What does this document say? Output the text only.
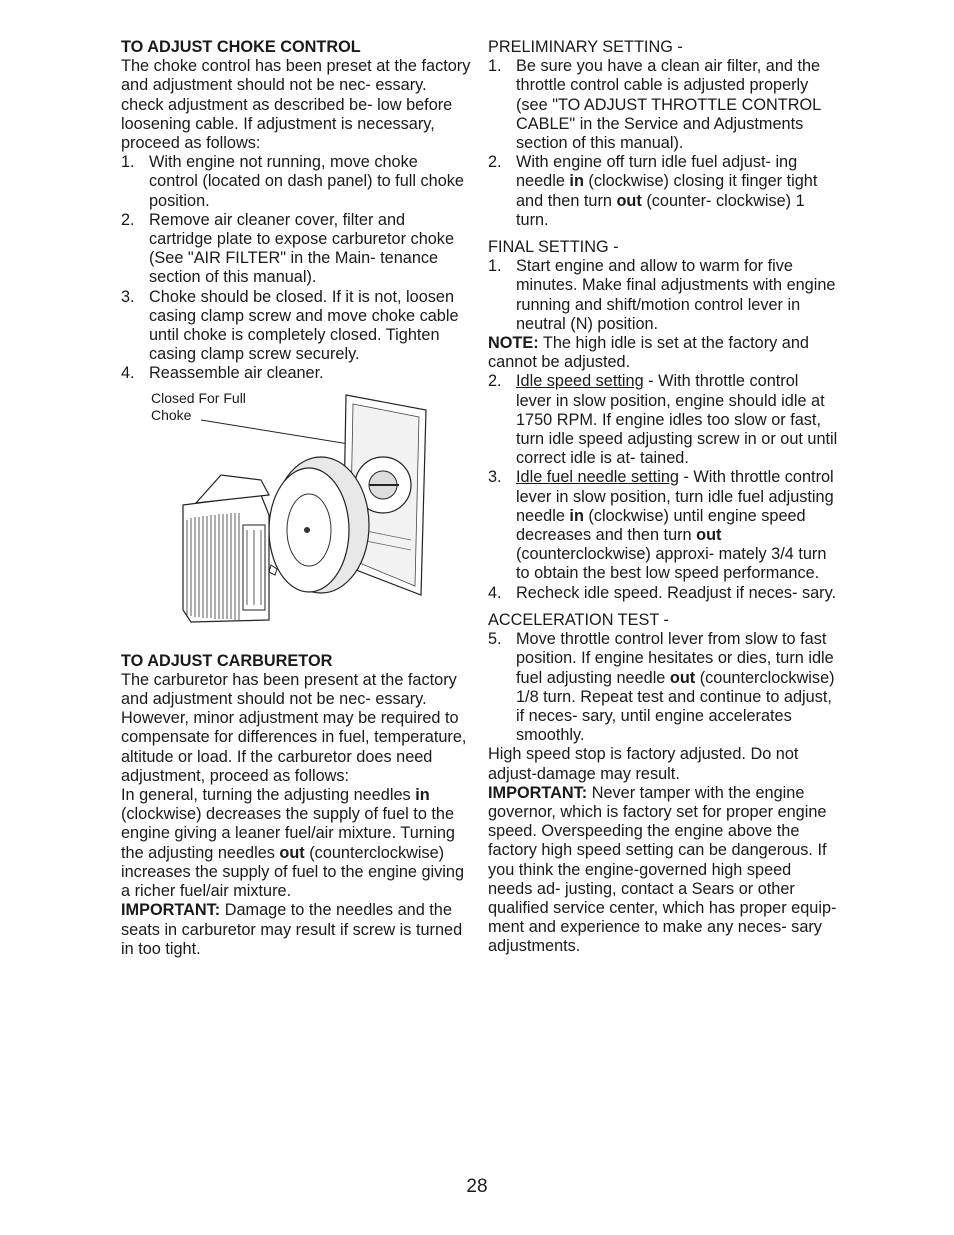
TO ADJUST CHOKE CONTROL

The choke control has been preset at the factory and adjustment should not be nec- essary. check adjustment as described be- low before loosening cable. If adjustment is necessary, proceed as follows:

1. With engine not running, move choke control (located on dash panel) to full choke position.
2. Remove air cleaner cover, filter and cartridge plate to expose carburetor choke (See "AIR FILTER" in the Main- tenance section of this manual).
3. Choke should be closed. If it is not, loosen casing clamp screw and move choke cable until choke is completely closed. Tighten casing clamp screw securely.
4. Reassemble air cleaner.
Closed For Full
Choke
TO ADJUST CARBURETOR

The carburetor has been present at the factory and adjustment should not be nec- essary. However, minor adjustment may be required to compensate for differences in fuel, temperature, altitude or load. If the carburetor does need adjustment, proceed as follows:

In general, turning the adjusting needles in (clockwise) decreases the supply of fuel to the engine giving a leaner fuel/air mixture. Turning the adjusting needles out (counterclockwise) increases the supply of fuel to the engine giving a richer fuel/air mixture.

IMPORTANT: Damage to the needles and the seats in carburetor may result if screw is turned in too tight.

PRELIMINARY SETTING -

1. Be sure you have a clean air filter, and the throttle control cable is adjusted properly (see "TO ADJUST THROTTLE CONTROL CABLE" in the Service and Adjustments section of this manual).
2. With engine off turn idle fuel adjust- ing needle in (clockwise) closing it finger tight and then turn out (counter- clockwise) 1 turn.

FINAL SETTING -

1. Start engine and allow to warm for five minutes. Make final adjustments with engine running and shift/motion control lever in neutral (N) position.

NOTE: The high idle is set at the factory and cannot be adjusted.

2. Idle speed setting - With throttle control lever in slow position, engine should idle at 1750 RPM. If engine idles too slow or fast, turn idle speed adjusting screw in or out until correct idle is at- tained.
3. Idle fuel needle setting - With throttle control lever in slow position, turn idle fuel adjusting needle in (clockwise) until engine speed decreases and then turn out (counterclockwise) approxi- mately 3/4 turn to obtain the best low speed performance.
4. Recheck idle speed. Readjust if neces- sary.

ACCELERATION TEST -

5. Move throttle control lever from slow to fast position. If engine hesitates or dies, turn idle fuel adjusting needle out (counterclockwise) 1/8 turn. Repeat test and continue to adjust, if neces- sary, until engine accelerates smoothly.

High speed stop is factory adjusted. Do not adjust-damage may result.

IMPORTANT: Never tamper with the engine governor, which is factory set for proper engine speed. Overspeeding the engine above the factory high speed setting can be dangerous. If you think the engine-governed high speed needs ad- justing, contact a Sears or other qualified service center, which has proper equip- ment and experience to make any neces- sary adjustments.

28
